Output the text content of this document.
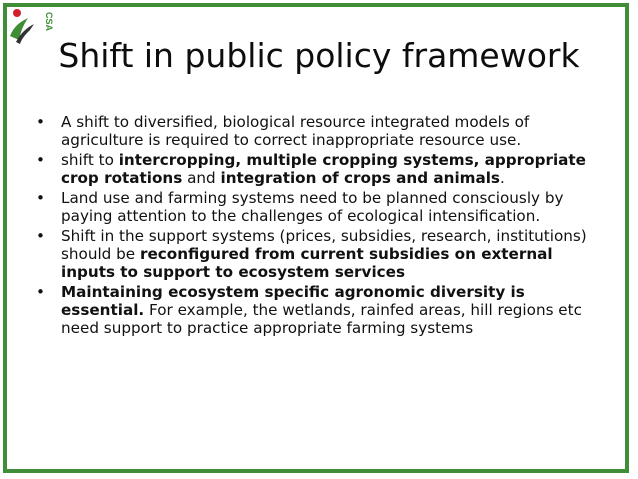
CSA
Shift in public policy framework
• A shift to diversified, biological resource integrated models of agriculture is required to correct inappropriate resource use.
• shift to intercropping, multiple cropping systems, appropriate crop rotations and integration of crops and animals.
• Land use and farming systems need to be planned consciously by paying attention to the challenges of ecological intensification.
• Shift in the support systems (prices, subsidies, research, institutions) should be reconfigured from current subsidies on external inputs to support to ecosystem services
• Maintaining ecosystem specific agronomic diversity is essential. For example, the wetlands, rainfed areas, hill regions etc need support to practice appropriate farming systems
